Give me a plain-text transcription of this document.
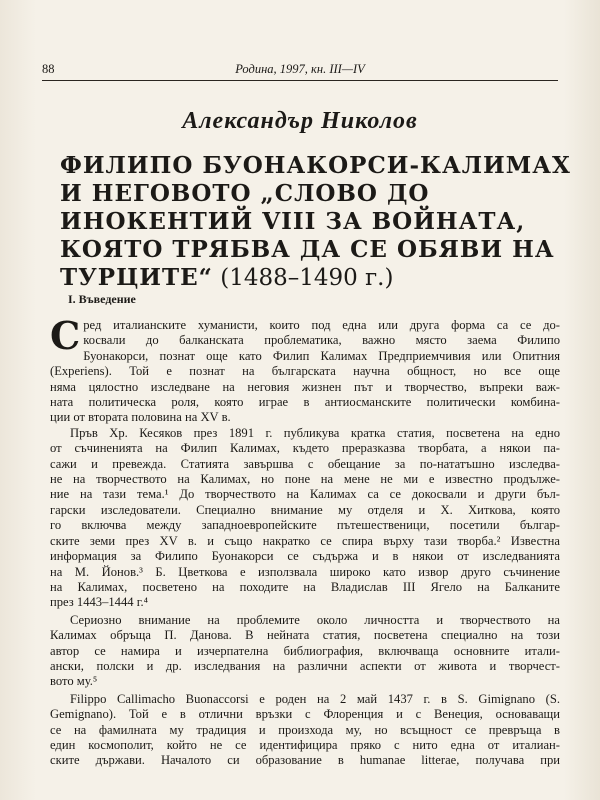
88	Родина, 1997, кн. III—IV
Александър Николов
ФИЛИПО БУОНАКОРСИ-КАЛИМАХ
И НЕГОВОТО „СЛОВО ДО
ИНОКЕНТИЙ VIII ЗА ВОЙНАТА,
КОЯТО ТРЯБВА ДА СЕ ОБЯВИ НА
ТУРЦИТЕ“ (1488–1490 г.)
I. Въведение
С ред италианските хуманисти, които под една или друга форма са се до-
косвали до балканската проблематика, важно място заема Филипо
Буонакорси, познат още като Филип Калимах Предприемчивия или Опитния
(Experiens). Той е познат на българската научна общност, но все още
няма цялостно изследване на неговия жизнен път и творчество, въпреки важ-
ната политическа роля, която играе в антиосманските политически комбина-
ции от втората половина на XV в.
Пръв Хр. Кесяков през 1891 г. публикува кратка статия, посветена на едно
от съчиненията на Филип Калимах, където преразказва творбата, а някои па-
сажи и превежда. Статията завършва с обещание за по-нататъшно изследва-
не на творчеството на Калимах, но поне на мене не ми е известно продълже-
ние на тази тема.¹ До творчеството на Калимах са се докосвали и други бъл-
гарски изследователи. Специално внимание му отделя и Х. Хиткова, която
го включва между западноевропейските пътешественици, посетили българ-
ските земи през XV в. и също накратко се спира върху тази творба.² Известна
информация за Филипо Буонакорси се съдържа и в някои от изследванията
на М. Йонов.³ Б. Цветкова е използвала широко като извор друго съчинение
на Калимах, посветено на походите на Владислав III Ягело на Балканите
през 1443–1444 г.⁴
Сериозно внимание на проблемите около личността и творчеството на
Калимах обръща П. Данова. В нейната статия, посветена специално на този
автор се намира и изчерпателна библиография, включваща основните итали-
ански, полски и др. изследвания на различни аспекти от живота и творчест-
вото му.⁵
Filippo Callimacho Buonaccorsi е роден на 2 май 1437 г. в S. Gimignano (S.
Gemignano). Той е в отлични връзки с Флоренция и с Венеция, основаващи
се на фамилната му традиция и произхода му, но всъщност се превръща в
един космополит, който не се идентифицира пряко с нито една от италиан-
ските държави. Началото си образование в humanae litterae, получава при
